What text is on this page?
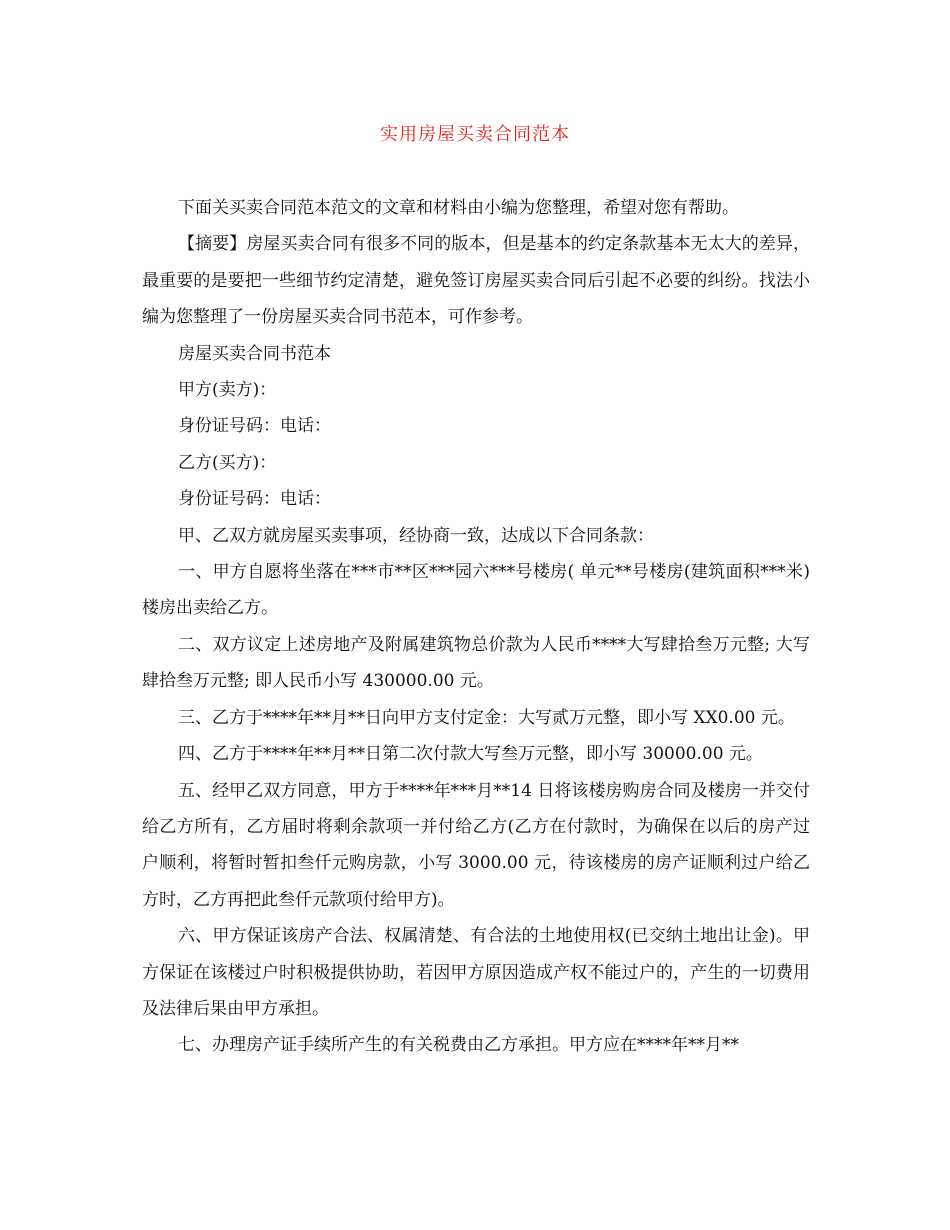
实用房屋买卖合同范本

下面关买卖合同范本范文的文章和材料由小编为您整理，希望对您有帮助。

【摘要】房屋买卖合同有很多不同的版本，但是基本的约定条款基本无太大的差异，最重要的是要把一些细节约定清楚，避免签订房屋买卖合同后引起不必要的纠纷。找法小编为您整理了一份房屋买卖合同书范本，可作参考。

房屋买卖合同书范本

甲方(卖方)：

身份证号码：电话：

乙方(买方)：

身份证号码：电话：

甲、乙双方就房屋买卖事项，经协商一致，达成以下合同条款：

一、甲方自愿将坐落在***市**区***园六***号楼房( 单元**号楼房(建筑面积***米)楼房出卖给乙方。

二、双方议定上述房地产及附属建筑物总价款为人民币****大写肆拾叁万元整; 大写肆拾叁万元整; 即人民币小写 430000.00 元。

三、乙方于****年**月**日向甲方支付定金：大写贰万元整，即小写 XX0.00 元。

四、乙方于****年**月**日第二次付款大写叁万元整，即小写 30000.00 元。

五、经甲乙双方同意，甲方于****年***月**14 日将该楼房购房合同及楼房一并交付给乙方所有，乙方届时将剩余款项一并付给乙方(乙方在付款时，为确保在以后的房产过户顺利，将暂时暂扣叁仟元购房款，小写 3000.00 元，待该楼房的房产证顺利过户给乙方时，乙方再把此叁仟元款项付给甲方)。

六、甲方保证该房产合法、权属清楚、有合法的土地使用权(已交纳土地出让金)。甲方保证在该楼过户时积极提供协助，若因甲方原因造成产权不能过户的，产生的一切费用及法律后果由甲方承担。

七、办理房产证手续所产生的有关税费由乙方承担。甲方应在****年**月**
